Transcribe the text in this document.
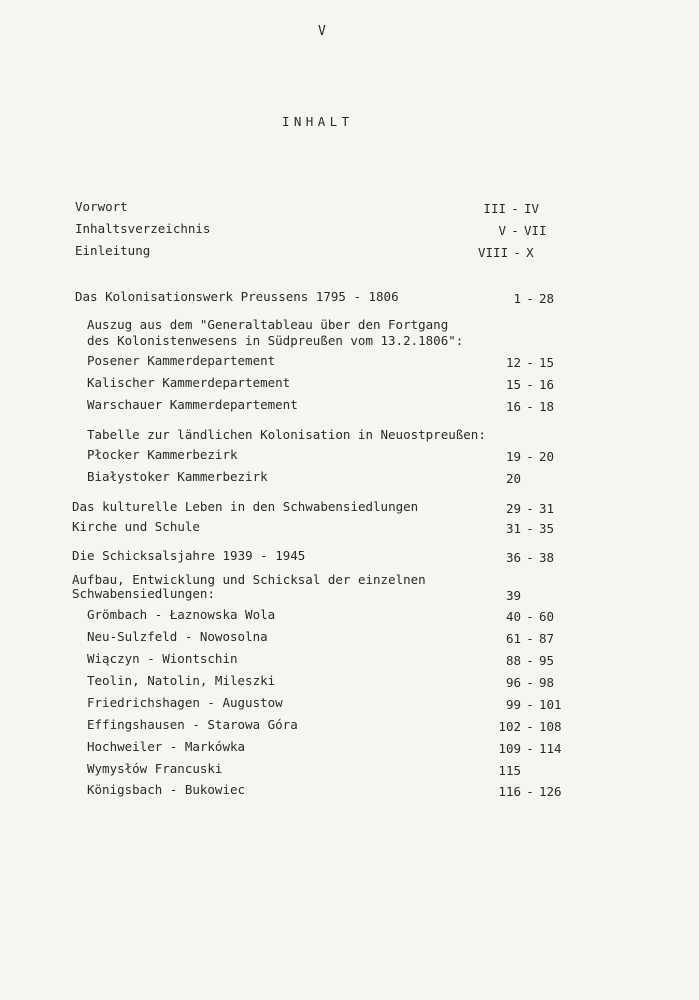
V
INHALT
Vorwort	III - IV
Inhaltsverzeichnis	V - VII
Einleitung	VIII - X
Das Kolonisationswerk Preussens 1795 - 1806	1 - 28
Auszug aus dem "Generaltableau über den Fortgang
des Kolonistenwesens in Südpreußen vom 13.2.1806":
Posener Kammerdepartement	12 - 15
Kalischer Kammerdepartement	15 - 16
Warschauer Kammerdepartement	16 - 18
Tabelle zur ländlichen Kolonisation in Neuostpreußen:
Płocker Kammerbezirk	19 - 20
Białystoker Kammerbezirk	20
Das kulturelle Leben in den Schwabensiedlungen	29 - 31
Kirche und Schule	31 - 35
Die Schicksalsjahre 1939 - 1945	36 - 38
Aufbau, Entwicklung und Schicksal der einzelnen
Schwabensiedlungen:	39
Grömbach - Łaznowska Wola	40 - 60
Neu-Sulzfeld - Nowosolna	61 - 87
Wiączyn - Wiontschin	88 - 95
Teolin, Natolin, Mileszki	96 - 98
Friedrichshagen - Augustow	99 - 101
Effingshausen - Starowa Góra	102 - 108
Hochweiler - Markówka	109 - 114
Wymysłów Francuski	115
Königsbach - Bukowiec	116 - 126
